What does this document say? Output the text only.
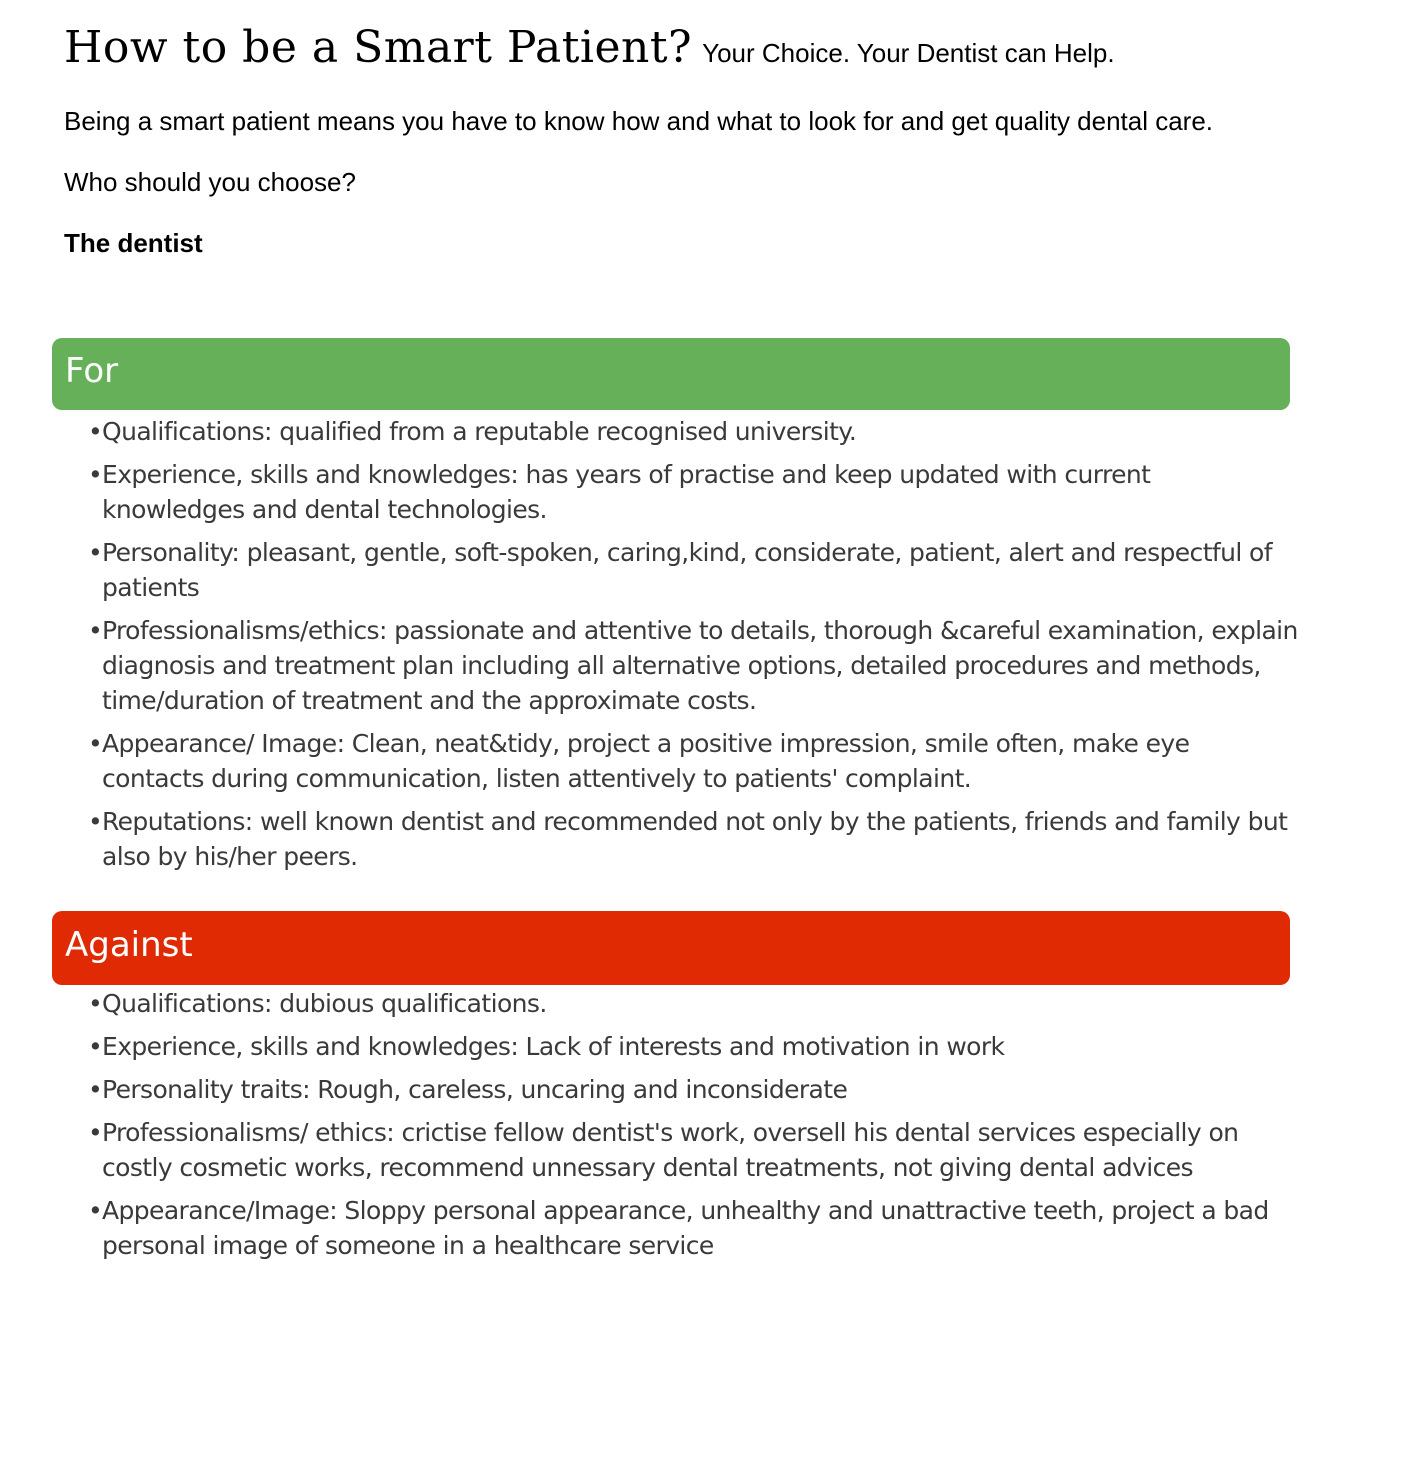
How to be a Smart Patient? Your Choice. Your Dentist can Help.
Being a smart patient means you have to know how and what to look for and get quality dental care.
Who should you choose?
The dentist
For
• Qualifications: qualified from a reputable recognised university.
• Experience, skills and knowledges: has years of practise and keep updated with current knowledges and dental technologies.
• Personality: pleasant, gentle, soft-spoken, caring,kind, considerate, patient, alert and respectful of patients
• Professionalisms/ethics: passionate and attentive to details, thorough &careful examination, explain diagnosis and treatment plan including all alternative options, detailed procedures and methods, time/duration of treatment and the approximate costs.
• Appearance/ Image: Clean, neat&tidy, project a positive impression, smile often, make eye contacts during communication, listen attentively to patients' complaint.
• Reputations: well known dentist and recommended not only by the patients, friends and family but also by his/her peers.
Against
• Qualifications: dubious qualifications.
• Experience, skills and knowledges: Lack of interests and motivation in work
• Personality traits: Rough, careless, uncaring and inconsiderate
• Professionalisms/ ethics: crictise fellow dentist's work, oversell his dental services especially on costly cosmetic works, recommend unnessary dental treatments, not giving dental advices
• Appearance/Image: Sloppy personal appearance, unhealthy and unattractive teeth, project a bad personal image of someone in a healthcare service
